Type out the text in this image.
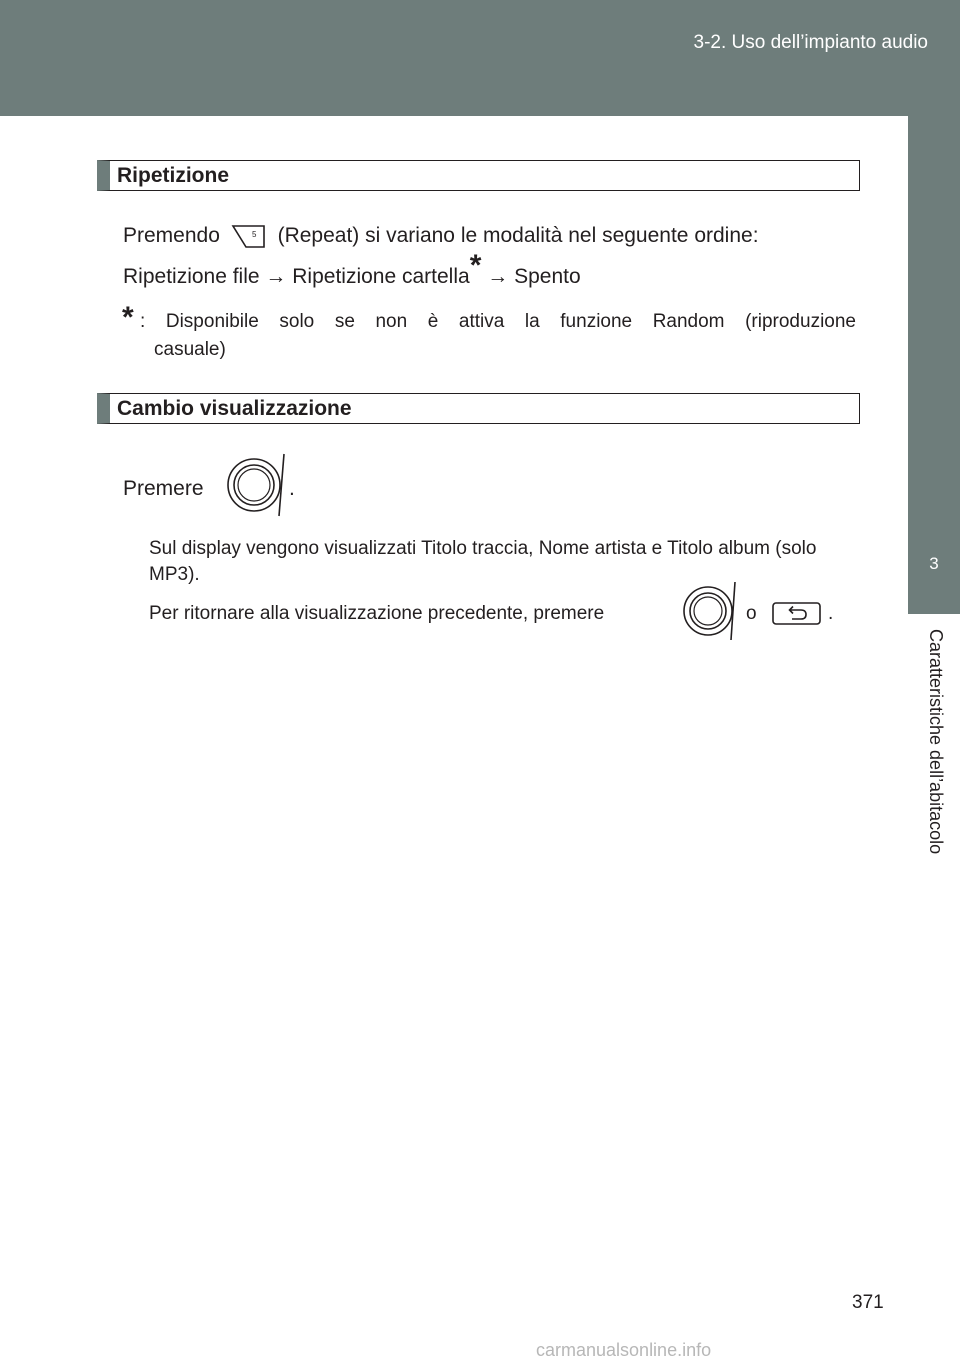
3-2. Uso dell’impianto audio
3
Caratteristiche dell’abitacolo
Ripetizione
Premendo	5 (Repeat) si variano le modalità nel seguente ordine:
Ripetizione file → Ripetizione cartella* → Spento
* : Disponibile solo se non è attiva la funzione Random (riproduzione
casuale)
Cambio visualizzazione
Premere	.
Sul display vengono visualizzati Titolo traccia, Nome artista e Titolo album (solo MP3).
Per ritornare alla visualizzazione precedente, premere	o	.
371
carmanualsonline.info
